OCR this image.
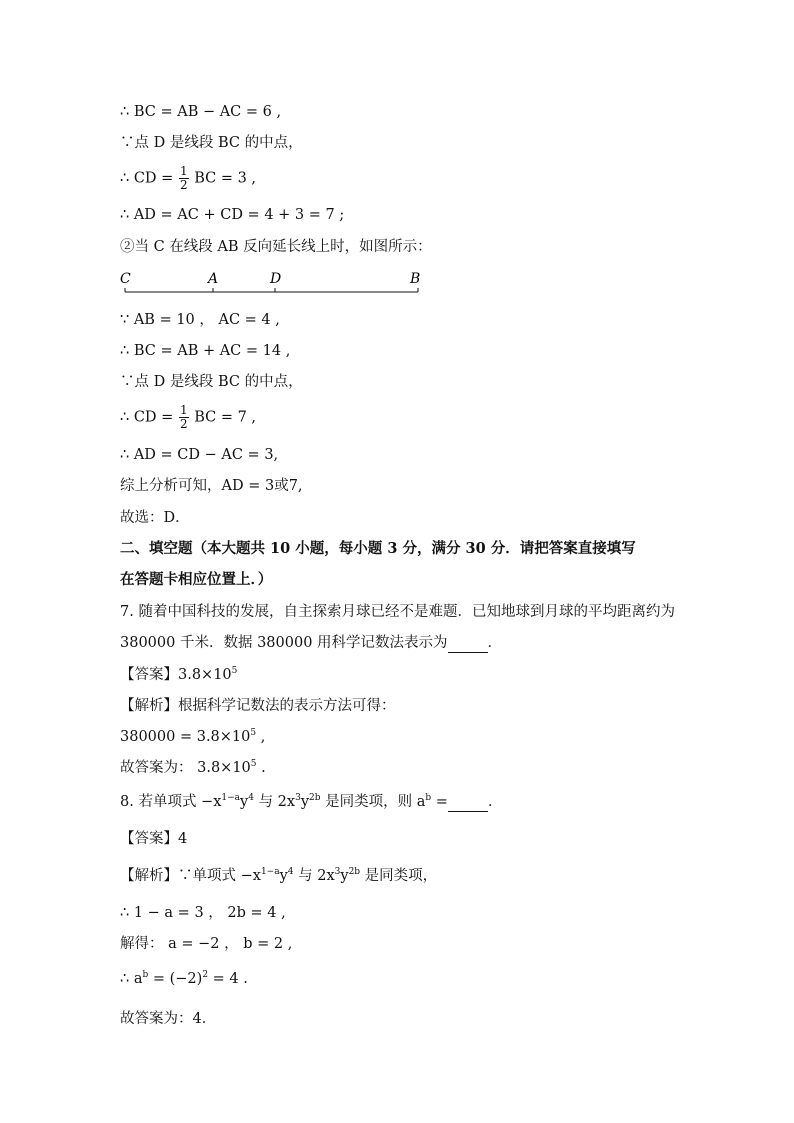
∴ BC = AB − AC = 6 ,
∵点 D 是线段 BC 的中点，
∴ CD = $\frac{1}{2}$ BC = 3 ,
∴ AD = AC + CD = 4 + 3 = 7 ;
②当 C 在线段 AB 反向延长线上时，如图所示：
C	A	D	B
∵ AB = 10 ， AC = 4 ,
∴ BC = AB + AC = 14 ,
∵点 D 是线段 BC 的中点，
∴ CD = $\frac{1}{2}$ BC = 7 ,
∴ AD = CD − AC = 3,
综上分析可知，AD = 3或7,
故选：D．
二、填空题（本大题共 10 小题，每小题 3 分，满分 30 分．请把答案直接填写
在答题卡相应位置上．）
7. 随着中国科技的发展，自主探索月球已经不是难题．已知地球到月球的平均距离约为
380000 千米．数据 380000 用科学记数法表示为	．
【答案】$3.8\times 10^5$
【解析】根据科学记数法的表示方法可得：
$380000 = 3.8\times 10^5$ ,
故答案为： $3.8\times 10^5$ .
8. 若单项式 $-x^{1-a}y^4$ 与 $2x^3y^{2b}$ 是同类项，则 $a^b$ =	．
【答案】4
【解析】∵单项式 $-x^{1-a}y^4$ 与 $2x^3y^{2b}$ 是同类项，
∴ 1 − a = 3 ， 2b = 4 ,
解得： a = −2 ， b = 2 ,
∴ $a^b = (-2)^2 = 4$ .
故答案为：4．
